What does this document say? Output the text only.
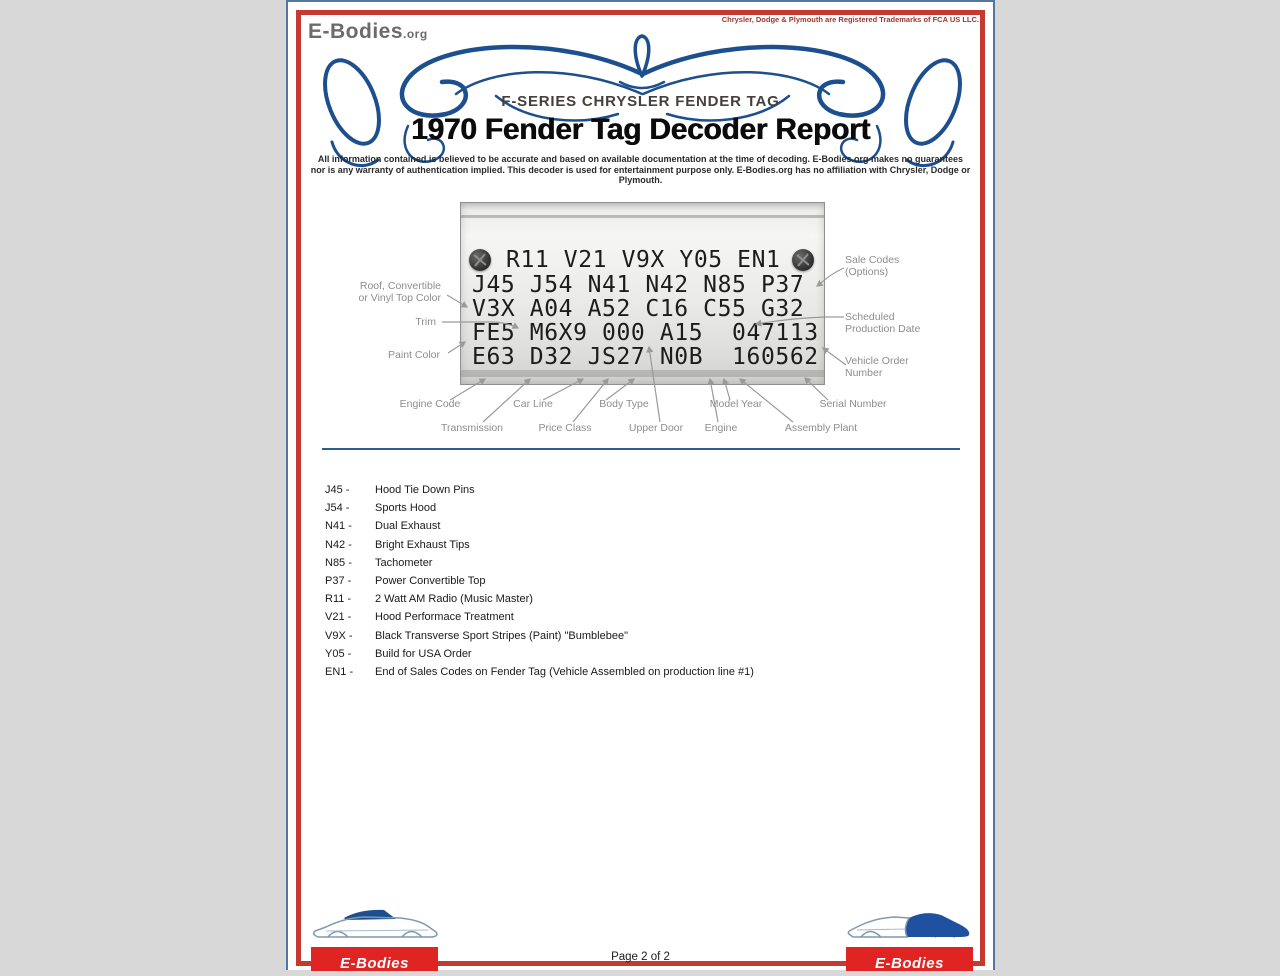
E-Bodies.org
Chrysler, Dodge & Plymouth are Registered Trademarks of FCA US LLC.
F-SERIES CHRYSLER FENDER TAG
1970 Fender Tag Decoder Report
All information contained is believed to be accurate and based on available documentation at the time of decoding. E-Bodies.org makes no guarantees
nor is any warranty of authentication implied. This decoder is used for entertainment purpose only. E-Bodies.org has no affiliation with Chrysler, Dodge or Plymouth.
R11 V21 V9X Y05 EN1
J45 J54 N41 N42 N85 P37
V3X A04 A52 C16 C55 G32
FE5 M6X9 000 A15  047113
E63 D32 JS27 N0B  160562
Roof, Convertible
or Vinyl Top Color
Trim
Paint Color
Sale Codes
(Options)
Scheduled
Production Date
Vehicle Order
Number
Engine Code	Car Line	Body Type	Model Year	Serial Number
Transmission	Price Class	Upper Door Engine	Assembly Plant
J45 -	Hood Tie Down Pins
J54 -	Sports Hood
N41 -	Dual Exhaust
N42 -	Bright Exhaust Tips
N85 -	Tachometer
P37 -	Power Convertible Top
R11 -	2 Watt AM Radio (Music Master)
V21 -	Hood Performace Treatment
V9X -	Black Transverse Sport Stripes (Paint) "Bumblebee"
Y05 -	Build for USA Order
EN1 -	End of Sales Codes on Fender Tag (Vehicle Assembled on production line #1)
E-Bodies	E-Bodies
Page 2 of 2
